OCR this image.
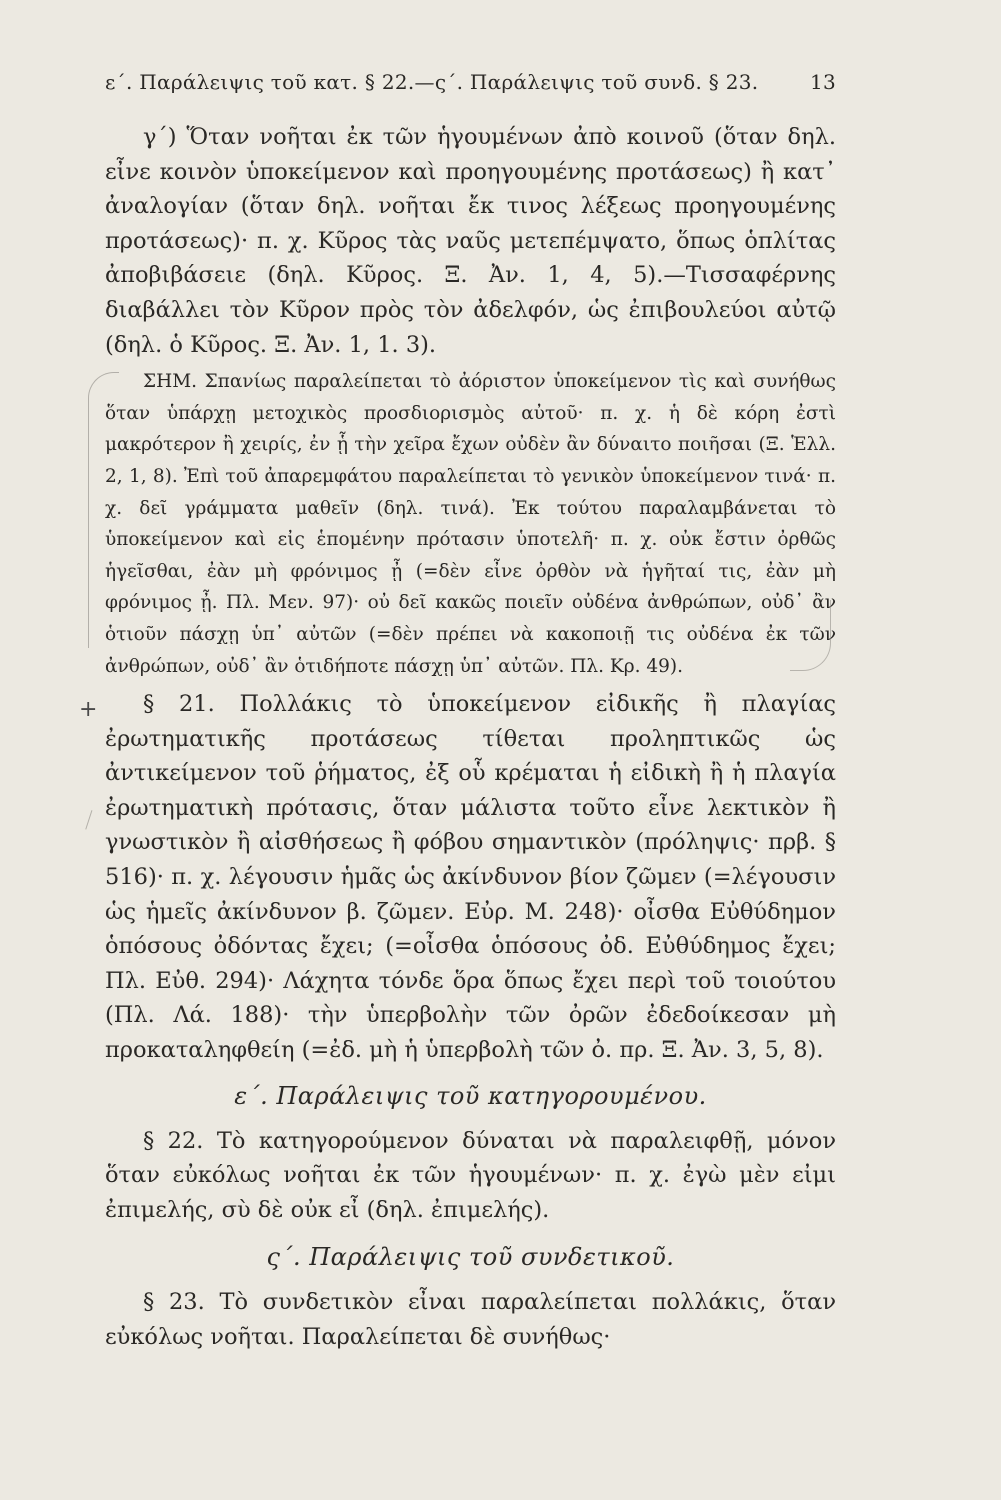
ε΄. Παράλειψις τοῦ κατ. § 22.—ς΄. Παράλειψις τοῦ συνδ. § 23.	13

γ΄) Ὅταν νοῆται ἐκ τῶν ἡγουμένων ἀπὸ κοινοῦ (ὅταν δηλ. εἶνε κοινὸν ὑποκείμενον καὶ προηγουμένης προτάσεως) ἢ κατ᾽ ἀναλογίαν (ὅταν δηλ. νοῆται ἔκ τινος λέξεως προηγουμένης προτάσεως)· π. χ. Κῦρος τὰς ναῦς μετεπέμψατο, ὅπως ὁπλίτας ἀποβιβάσειε (δηλ. Κῦρος. Ξ. Ἀν. 1, 4, 5).—Τισσαφέρνης διαβάλλει τὸν Κῦρον πρὸς τὸν ἀδελφόν, ὡς ἐπιβουλεύοι αὐτῷ (δηλ. ὁ Κῦρος. Ξ. Ἀν. 1, 1. 3).

ΣΗΜ. Σπανίως παραλείπεται τὸ ἀόριστον ὑποκείμενον τὶς καὶ συνήθως ὅταν ὑπάρχῃ μετοχικὸς προσδιορισμὸς αὐτοῦ· π. χ. ἡ δὲ κόρη ἐστὶ μακρότερον ἢ χειρίς, ἐν ᾗ τὴν χεῖρα ἔχων οὐδὲν ἂν δύναιτο ποιῆσαι (Ξ. Ἑλλ. 2, 1, 8). Ἐπὶ τοῦ ἀπαρεμφάτου παραλείπεται τὸ γενικὸν ὑποκείμενον τινά· π. χ. δεῖ γράμματα μαθεῖν (δηλ. τινά). Ἐκ τούτου παραλαμβάνεται τὸ ὑποκείμενον καὶ εἰς ἑπομένην πρότασιν ὑποτελῆ· π. χ. οὐκ ἔστιν ὀρθῶς ἡγεῖσθαι, ἐὰν μὴ φρόνιμος ᾖ (=δὲν εἶνε ὀρθὸν νὰ ἡγῆταί τις, ἐὰν μὴ φρόνιμος ᾖ. Πλ. Μεν. 97)· οὐ δεῖ κακῶς ποιεῖν οὐδένα ἀνθρώπων, οὐδ᾽ ἂν ὁτιοῦν πάσχῃ ὑπ᾽ αὐτῶν (=δὲν πρέπει νὰ κακοποιῇ τις οὐδένα ἐκ τῶν ἀνθρώπων, οὐδ᾽ ἂν ὁτιδήποτε πάσχῃ ὑπ᾽ αὐτῶν. Πλ. Κρ. 49).

+	§ 21. Πολλάκις τὸ ὑποκείμενον εἰδικῆς ἢ πλαγίας ἐρωτηματικῆς προτάσεως τίθεται προληπτικῶς ὡς ἀντικείμενον τοῦ ῥήματος, ἐξ οὗ κρέμαται ἡ εἰδικὴ ἢ ἡ πλαγία ἐρωτηματικὴ πρότασις, ὅταν μάλιστα τοῦτο εἶνε λεκτικὸν ἢ γνωστικὸν ἢ αἰσθήσεως ἢ φόβου σημαντικὸν (πρόληψις· πρβ. § 516)· π. χ. λέγουσιν ἡμᾶς ὡς ἀκίνδυνον βίον ζῶμεν (=λέγουσιν ὡς ἡμεῖς ἀκίνδυνον β. ζῶμεν. Εὐρ. Μ. 248)· οἶσθα Εὐθύδημον ὁπόσους ὀδόντας ἔχει; (=οἶσθα ὁπόσους ὀδ. Εὐθύδημος ἔχει; Πλ. Εὐθ. 294)· Λάχητα τόνδε ὅρα ὅπως ἔχει περὶ τοῦ τοιούτου (Πλ. Λά. 188)· τὴν ὑπερβολὴν τῶν ὀρῶν ἐδεδοίκεσαν μὴ προκαταληφθείη (=ἐδ. μὴ ἡ ὑπερβολὴ τῶν ὀ. πρ. Ξ. Ἀν. 3, 5, 8).

ε΄. Παράλειψις τοῦ κατηγορουμένου.

§ 22. Τὸ κατηγορούμενον δύναται νὰ παραλειφθῇ, μόνον ὅταν εὐκόλως νοῆται ἐκ τῶν ἡγουμένων· π. χ. ἐγὼ μὲν εἰμι ἐπιμελής, σὺ δὲ οὐκ εἶ (δηλ. ἐπιμελής).

ς΄. Παράλειψις τοῦ συνδετικοῦ.

§ 23. Τὸ συνδετικὸν εἶναι παραλείπεται πολλάκις, ὅταν εὐκόλως νοῆται. Παραλείπεται δὲ συνήθως·
